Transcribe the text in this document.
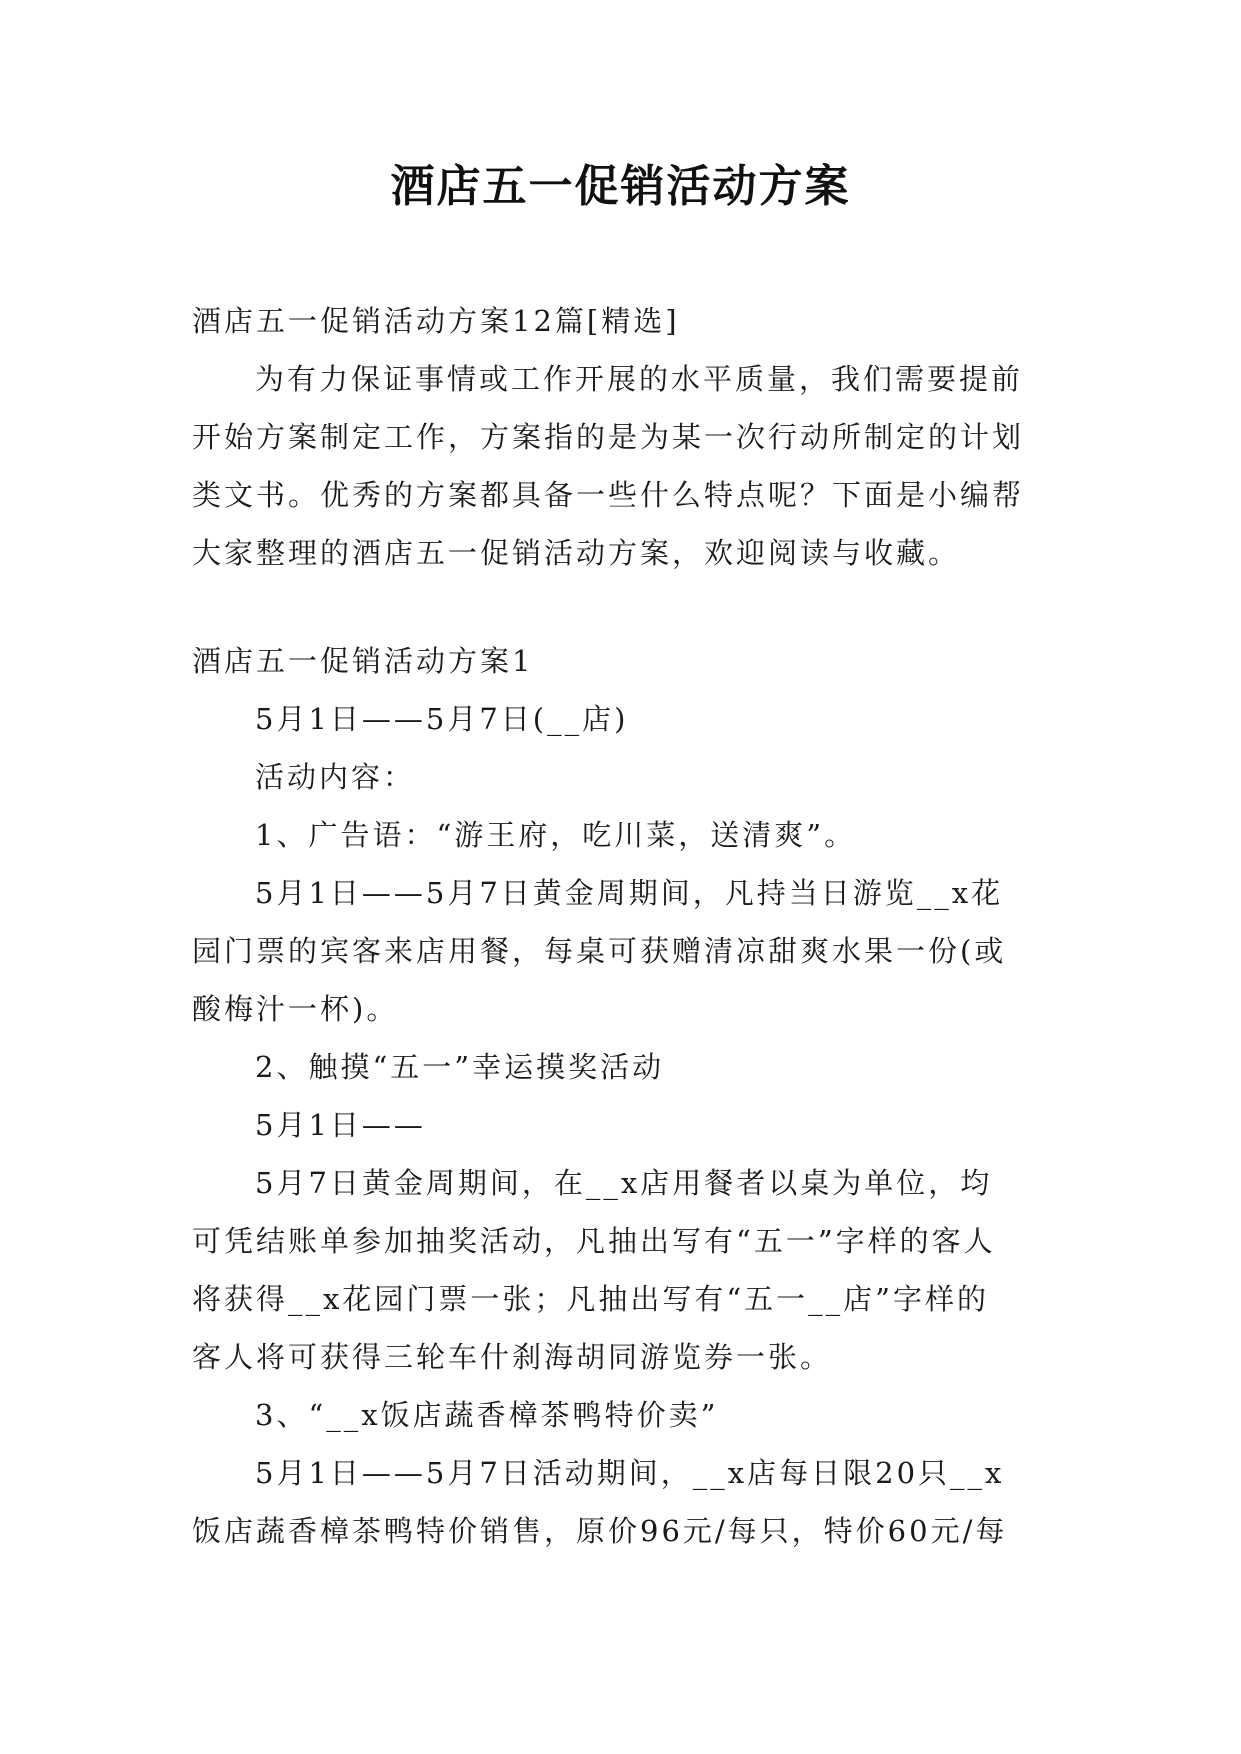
酒店五一促销活动方案
酒店五一促销活动方案12篇[精选]
为有力保证事情或工作开展的水平质量，我们需要提前
开始方案制定工作，方案指的是为某一次行动所制定的计划
类文书。优秀的方案都具备一些什么特点呢？下面是小编帮
大家整理的酒店五一促销活动方案，欢迎阅读与收藏。
酒店五一促销活动方案1
5月1日——5月7日(__店)
活动内容：
1、广告语：“游王府，吃川菜，送清爽”。
5月1日——5月7日黄金周期间，凡持当日游览__x花
园门票的宾客来店用餐，每桌可获赠清凉甜爽水果一份(或
酸梅汁一杯)。
2、触摸“五一”幸运摸奖活动
5月1日——
5月7日黄金周期间，在__x店用餐者以桌为单位，均
可凭结账单参加抽奖活动，凡抽出写有“五一”字样的客人
将获得__x花园门票一张；凡抽出写有“五一__店”字样的
客人将可获得三轮车什刹海胡同游览券一张。
3、“__x饭店蔬香樟茶鸭特价卖”
5月1日——5月7日活动期间，__x店每日限20只__x
饭店蔬香樟茶鸭特价销售，原价96元/每只，特价60元/每
